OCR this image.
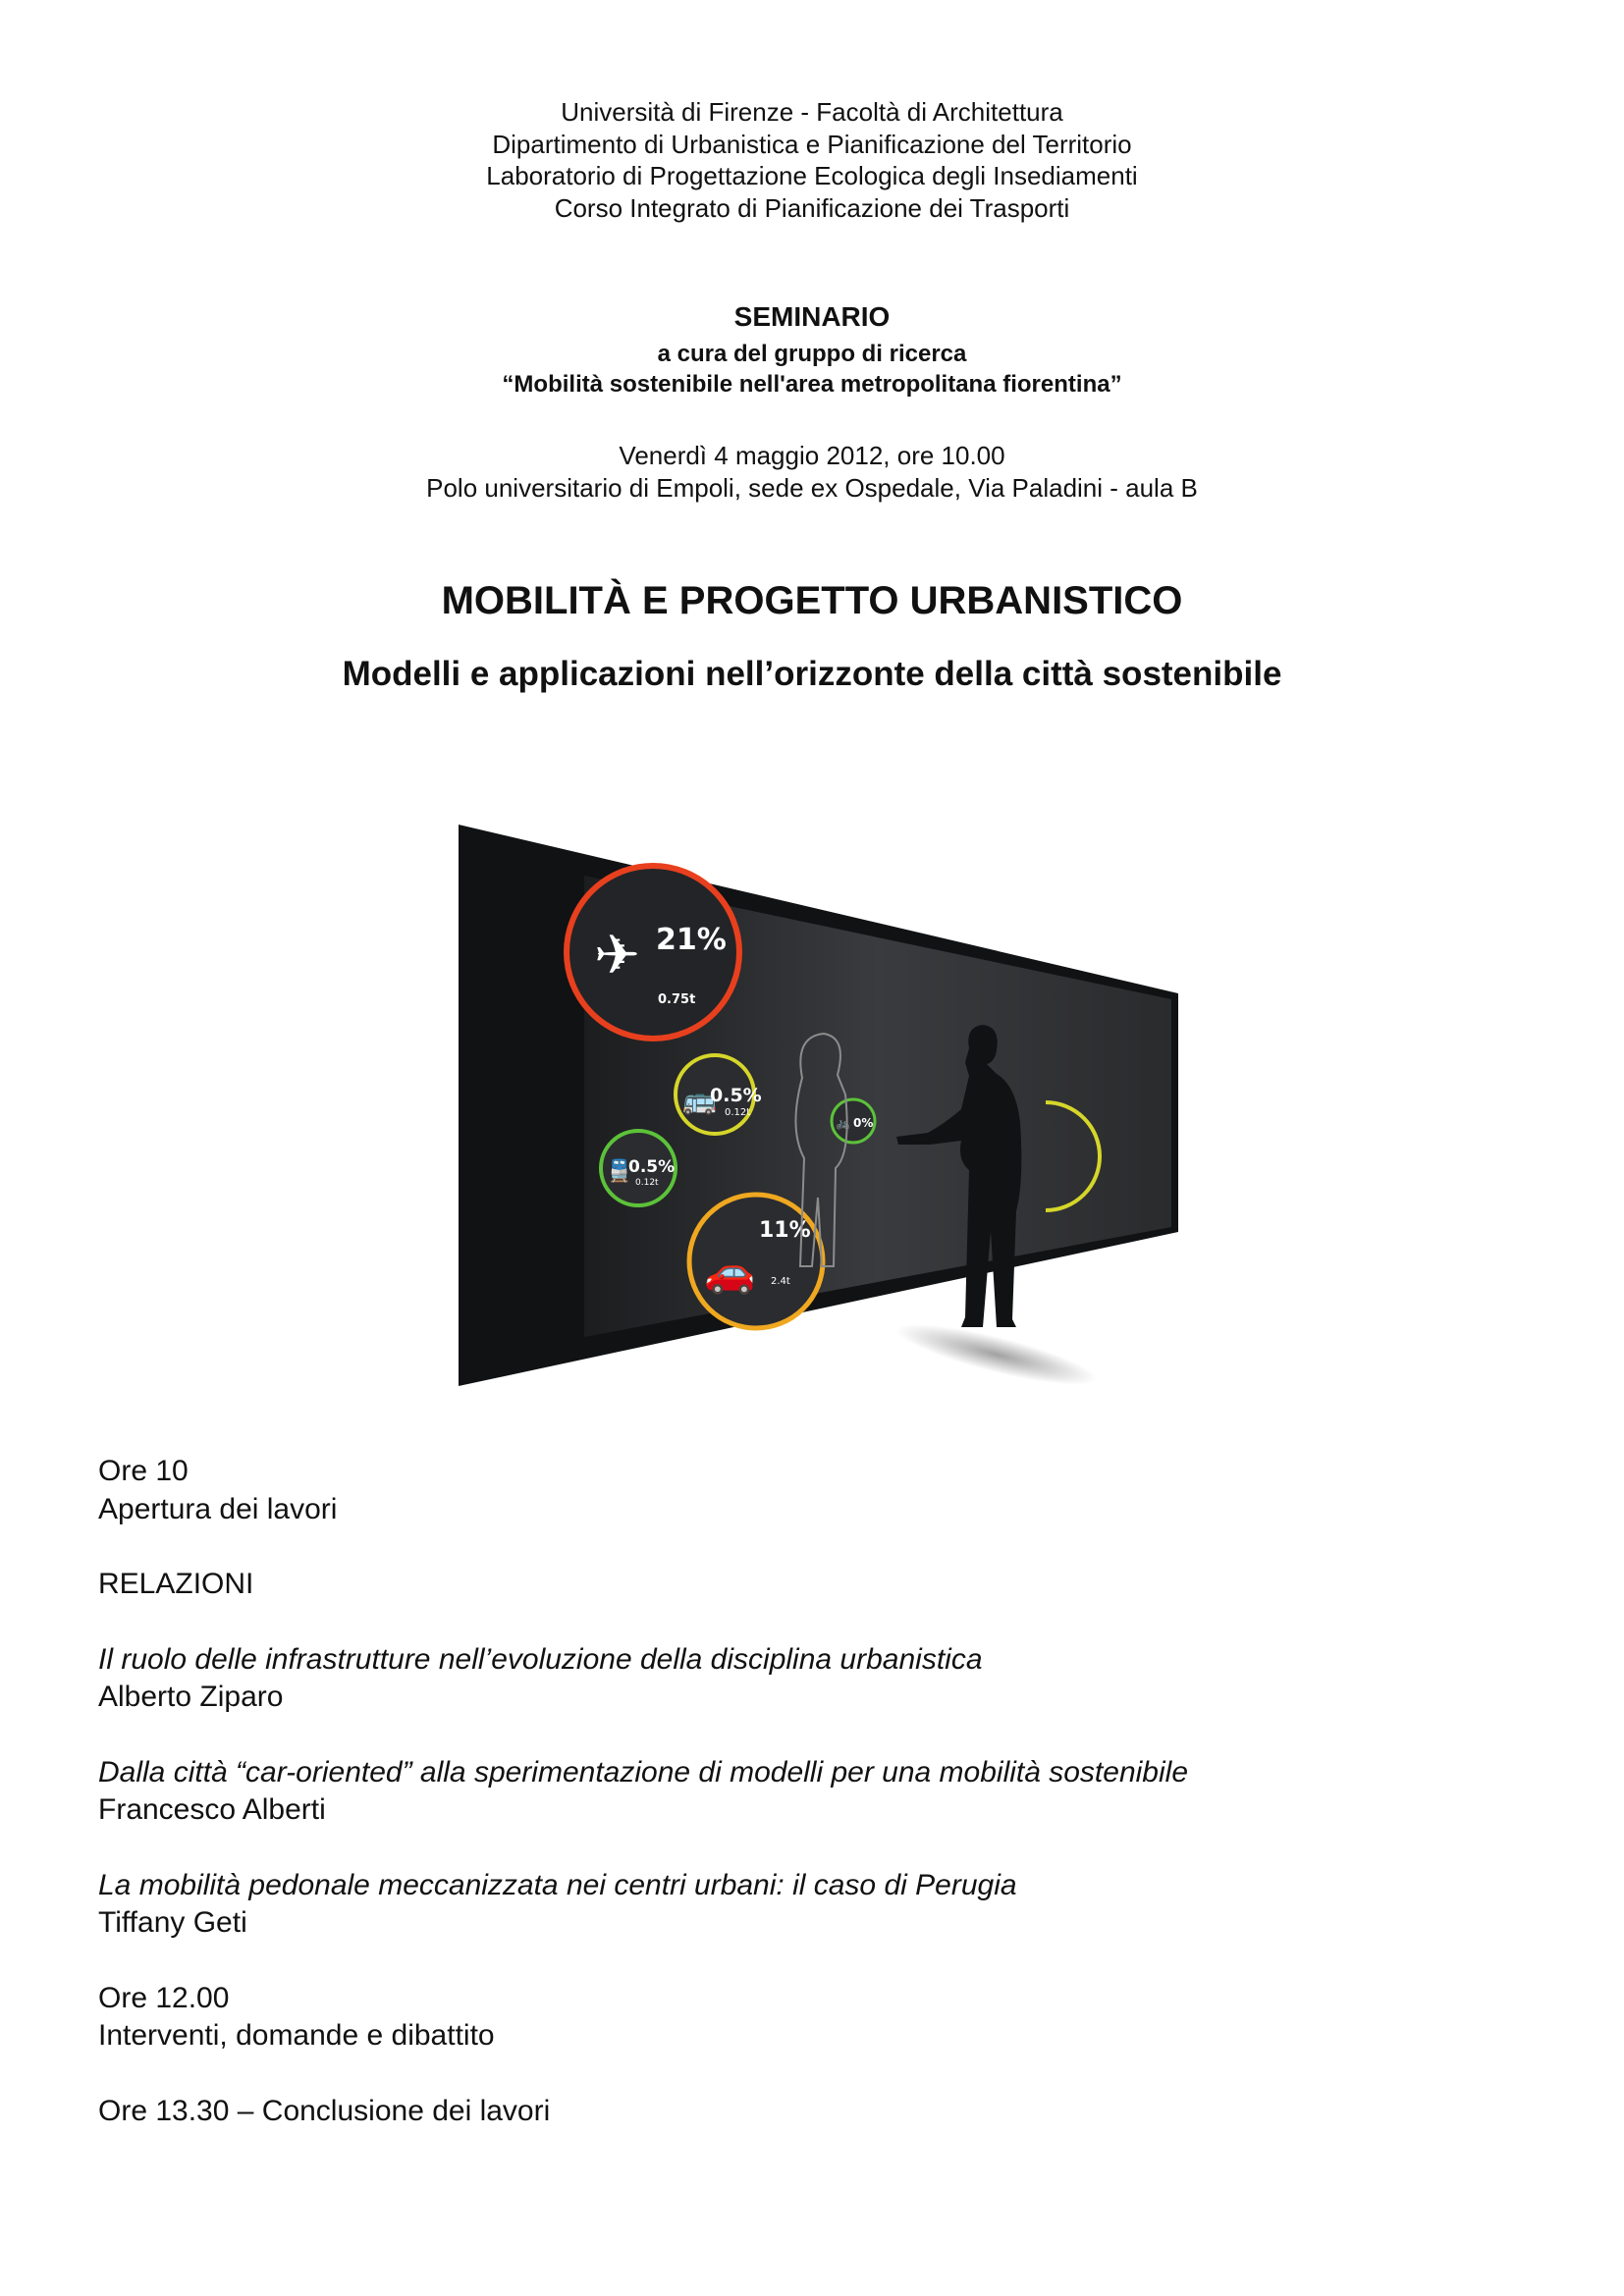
Università di Firenze - Facoltà di Architettura
Dipartimento di Urbanistica e Pianificazione del Territorio
Laboratorio di Progettazione Ecologica degli Insediamenti
Corso Integrato di Pianificazione dei Trasporti
SEMINARIO
a cura del gruppo di ricerca
“Mobilità sostenibile nell'area metropolitana fiorentina”
Venerdì 4 maggio 2012, ore 10.00
Polo universitario di Empoli, sede ex Ospedale, Via Paladini - aula B
MOBILITÀ E PROGETTO URBANISTICO
Modelli e applicazioni nell’orizzonte della città sostenibile
✈ 21%
0.75t
🚌
0.5%
0.12t
🚆
0.5%
0.12t
🚗
11%
2.4t
🚲 0%
Ore 10
Apertura dei lavori
RELAZIONI
Il ruolo delle infrastrutture nell’evoluzione della disciplina urbanistica
Alberto Ziparo
Dalla città “car-oriented” alla sperimentazione di modelli per una mobilità sostenibile
Francesco Alberti
La mobilità pedonale meccanizzata nei centri urbani: il caso di Perugia
Tiffany Geti
Ore 12.00
Interventi, domande e dibattito
Ore 13.30 – Conclusione dei lavori
